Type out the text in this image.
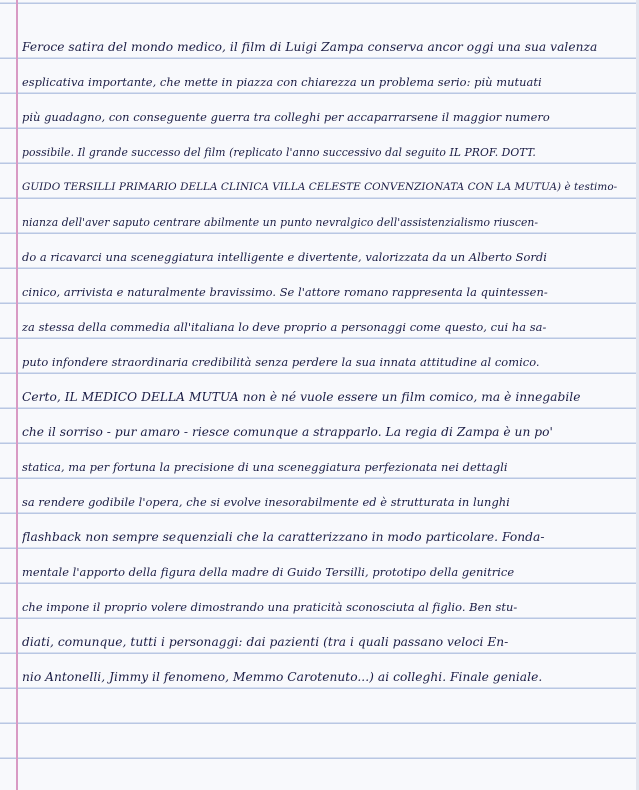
Feroce satira del mondo medico, il film di Luigi Zampa conserva ancor oggi una sua valenza
esplicativa importante, che mette in piazza con chiarezza un problema serio: più mutuati
più guadagno, con conseguente guerra tra colleghi per accaparrarsene il maggior numero
possibile. Il grande successo del film (replicato l'anno successivo dal seguito IL PROF. DOTT.
GUIDO TERSILLI PRIMARIO DELLA CLINICA VILLA CELESTE CONVENZIONATA CON LA MUTUA) è testimo-
nianza dell'aver saputo centrare abilmente un punto nevralgico dell'assistenzialismo riuscen-
do a ricavarci una sceneggiatura intelligente e divertente, valorizzata da un Alberto Sordi
cinico, arrivista e naturalmente bravissimo. Se l'attore romano rappresenta la quintessen-
za stessa della commedia all'italiana lo deve proprio a personaggi come questo, cui ha sa-
puto infondere straordinaria credibilità senza perdere la sua innata attitudine al comico.
Certo, IL MEDICO DELLA MUTUA non è né vuole essere un film comico, ma è innegabile
che il sorriso - pur amaro - riesce comunque a strapparlo. La regia di Zampa è un po'
statica, ma per fortuna la precisione di una sceneggiatura perfezionata nei dettagli
sa rendere godibile l'opera, che si evolve inesorabilmente ed è strutturata in lunghi
flashback non sempre sequenziali che la caratterizzano in modo particolare. Fonda-
mentale l'apporto della figura della madre di Guido Tersilli, prototipo della genitrice
che impone il proprio volere dimostrando una praticità sconosciuta al figlio. Ben stu-
diati, comunque, tutti i personaggi: dai pazienti (tra i quali passano veloci En-
nio Antonelli, Jimmy il fenomeno, Memmo Carotenuto...) ai colleghi. Finale geniale.
